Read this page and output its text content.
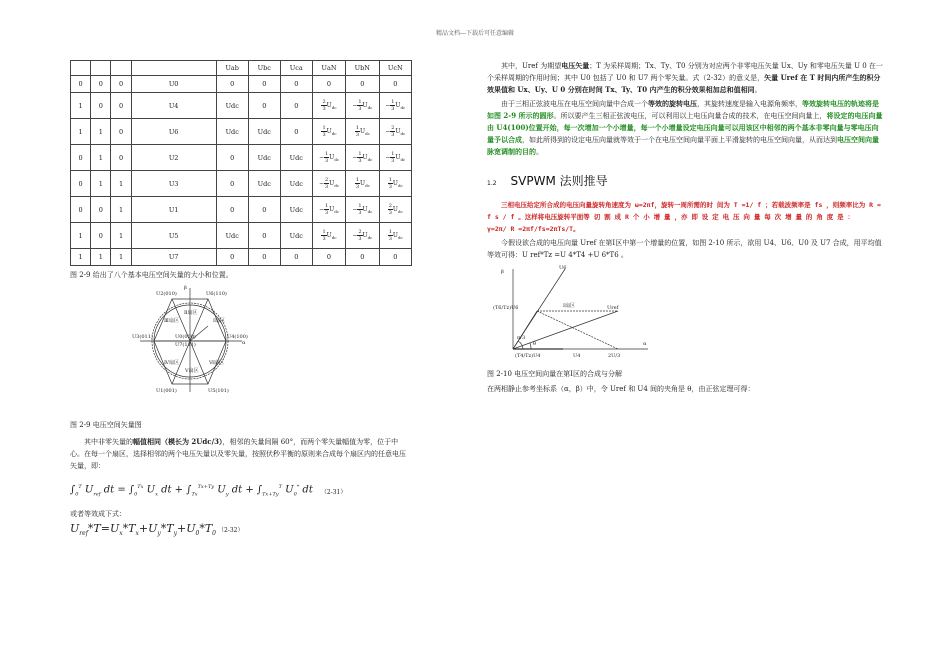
精品文档---下载后可任意编辑
				Uab	Ubc	Uca	UaN	UbN	UcN
0	0	0	U0	0	0	0	0	0	0
1	0	0	U4	Udc	0	0	$\frac{2}{3} U_{dc}$	− $\frac{1}{3} U_{dc}$	− $\frac{1}{3} U_{dc}$
1	1	0	U6	Udc	Udc	0	$\frac{1}{3} U_{dc}$	$\frac{1}{3} U_{dc}$	− $\frac{2}{3} U_{dc}$
0	1	0	U2	0	Udc	Udc	− $\frac{1}{3} U_{dc}$	− $\frac{1}{3} U_{dc}$	− $\frac{1}{3} U_{dc}$
0	1	1	U3	0	Udc	Udc	− $\frac{2}{3} U_{dc}$	$\frac{1}{3} U_{dc}$	$\frac{1}{3} U_{dc}$
0	0	1	U1	0	0	Udc	− $\frac{1}{3} U_{dc}$	− $\frac{1}{3} U_{dc}$	$\frac{2}{3} U_{dc}$
1	0	1	U5	Udc	0	Udc	$\frac{1}{3} U_{dc}$	− $\frac{2}{3} U_{dc}$	$\frac{1}{3} U_{dc}$
1	1	1	U7	0	0	0	0	0	0

图 2-9 给出了八个基本电压空间矢量的大小和位置。

β
α
U6(110)
U2(010)
U4(100)
U3(011)
U1(001)	U5(101)
U0(000)
U7(111)
Ⅰ扇区
Ⅱ扇区
Ⅲ扇区
Ⅳ扇区
Ⅴ扇区
Ⅵ扇区

图 2-9 电压空间矢量图

其中非零矢量的幅值相同（模长为 2Udc/3），相邻的矢量间隔 60°，而两个零矢量幅值为零，位于中心。在每一个扇区，选择相邻的两个电压矢量以及零矢量，按照伏秒平衡的原则来合成每个扇区内的任意电压矢量，即：

$\int_0^T$ $U_{ref}$ dt = $\int_0^{Tx}$ $U_x$ dt + $\int_{Tx}^{Tx+Ty}$ $U_y$ dt + $\int_{Tx+Ty}^T$ $U_0^*$ dt （2-31）

或者等效成下式：

$U_{ref}*T=U_x*T_x+U_y*T_y+U_0*T_0$ （2-32）

其中，Uref 为期望电压矢量；T 为采样周期；Tx、Ty、T0 分别为对应两个非零电压矢量 Ux、Uy 和零电压矢量 U 0 在一个采样周期的作用时间；其中 U0 包括了 U0 和 U7 两个零矢量。式（2-32）的意义是，矢量 Uref 在 T 时间内所产生的积分效果值和 Ux、Uy、U 0 分别在时间 Tx、Ty、T0 内产生的积分效果相加总和值相同。

由于三相正弦波电压在电压空间向量中合成一个等效的旋转电压，其旋转速度是输入电源角频率，等效旋转电压的轨迹将是如图 2-9 所示的圆形。所以要产生三相正弦波电压，可以利用以上电压向量合成的技术，在电压空间向量上，将设定的电压向量由 U4(100)位置开始，每一次增加一个小增量，每一个小增量设定电压向量可以用该区中相邻的两个基本非零向量与零电压向量予以合成，如此所得到的设定电压向量就等效于一个在电压空间向量平面上平滑旋转的电压空间向量，从而达到电压空间向量脉宽调制的目的。

1.2 SVPWM 法则推导

三相电压给定所合成的电压向量旋转角速度为 ω=2πf，旋转一周所需的时 间为 T =1/ f ；若载波频率是 fs ，则频率比为 R = f s / f 。这样将电压旋转平面等 切 割 成 R 个 小 增 量 ，亦 即 设 定 电 压 向 量 每 次 增 量 的 角 度 是 ：

γ=2π/ R =2πf/fs=2πTs/T。

今假设欲合成的电压向量 Uref 在第Ⅰ区中第一个增量的位置，如图 2-10 所示，欲用 U4、U6、U0 及 U7 合成，用平均值等效可得：U ref*Tz =U 4*T4 +U 6*T6 。

β
U6
(T6/Tz)U6	Ⅰ扇区	Uref
π/3
θ
(T4/Tz)U4	U4
α
2U/3

图 2-10 电压空间向量在第Ⅰ区的合成与分解

在两相静止参考坐标系（α，β）中，令 Uref 和 U4 间的夹角是 θ，由正弦定理可得：
